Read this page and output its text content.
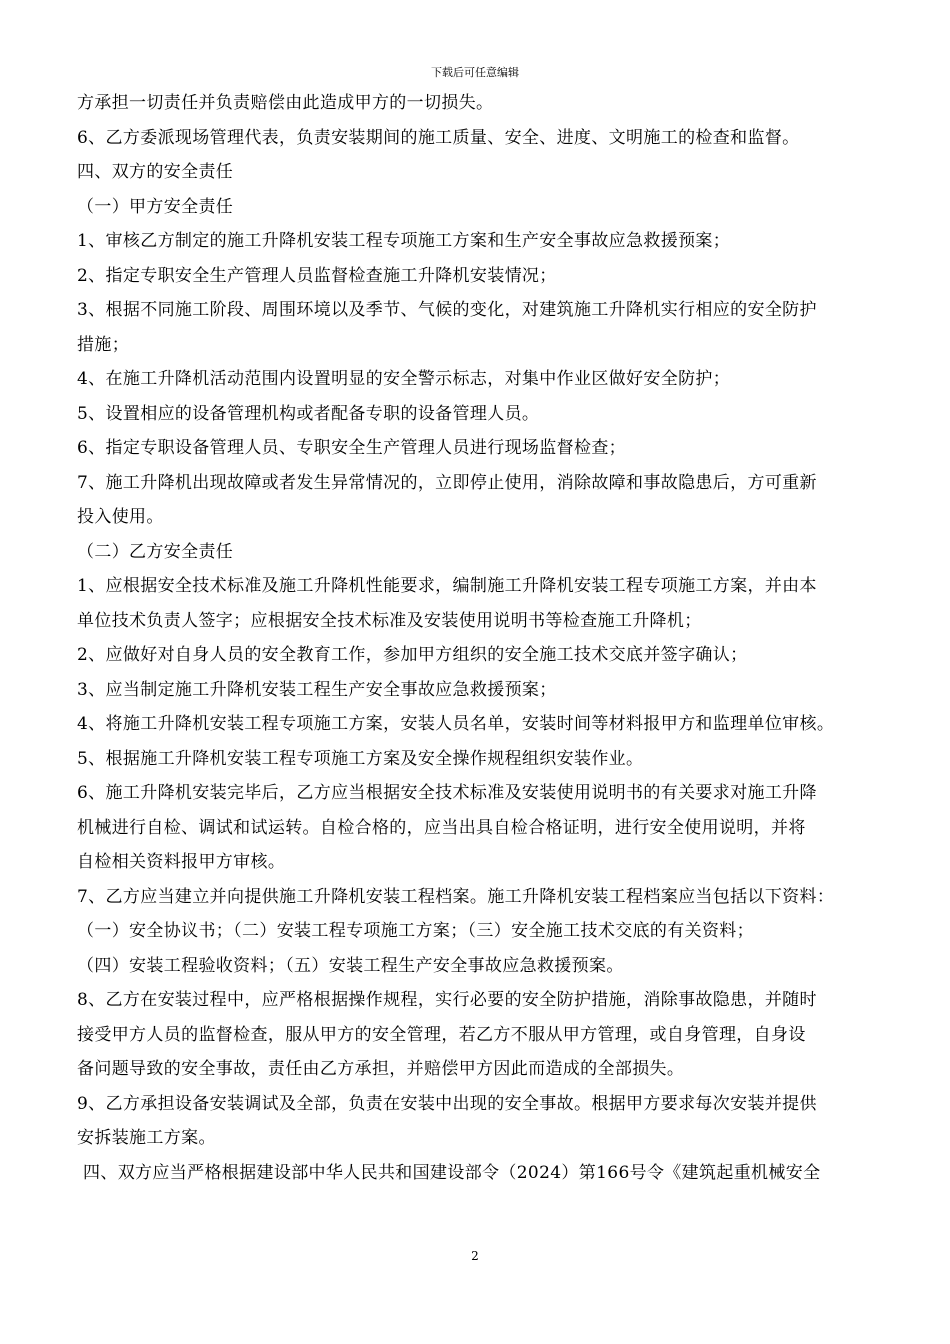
下载后可任意编辑
方承担一切责任并负责赔偿由此造成甲方的一切损失。
6、乙方委派现场管理代表，负责安装期间的施工质量、安全、进度、文明施工的检查和监督。
四、双方的安全责任
（一）甲方安全责任
1、审核乙方制定的施工升降机安装工程专项施工方案和生产安全事故应急救援预案；
2、指定专职安全生产管理人员监督检查施工升降机安装情况；
3、根据不同施工阶段、周围环境以及季节、气候的变化，对建筑施工升降机实行相应的安全防护
措施；
4、在施工升降机活动范围内设置明显的安全警示标志，对集中作业区做好安全防护；
5、设置相应的设备管理机构或者配备专职的设备管理人员。
6、指定专职设备管理人员、专职安全生产管理人员进行现场监督检查；
7、施工升降机出现故障或者发生异常情况的，立即停止使用，消除故障和事故隐患后，方可重新
投入使用。
（二）乙方安全责任
1、应根据安全技术标准及施工升降机性能要求，编制施工升降机安装工程专项施工方案，并由本
单位技术负责人签字；应根据安全技术标准及安装使用说明书等检查施工升降机；
2、应做好对自身人员的安全教育工作，参加甲方组织的安全施工技术交底并签字确认；
3、应当制定施工升降机安装工程生产安全事故应急救援预案；
4、将施工升降机安装工程专项施工方案，安装人员名单，安装时间等材料报甲方和监理单位审核。
5、根据施工升降机安装工程专项施工方案及安全操作规程组织安装作业。
6、施工升降机安装完毕后，乙方应当根据安全技术标准及安装使用说明书的有关要求对施工升降
机械进行自检、调试和试运转。自检合格的，应当出具自检合格证明，进行安全使用说明，并将
自检相关资料报甲方审核。
7、乙方应当建立并向提供施工升降机安装工程档案。施工升降机安装工程档案应当包括以下资料：
（一）安全协议书；（二）安装工程专项施工方案；（三）安全施工技术交底的有关资料；
（四）安装工程验收资料；（五）安装工程生产安全事故应急救援预案。
8、乙方在安装过程中，应严格根据操作规程，实行必要的安全防护措施，消除事故隐患，并随时
接受甲方人员的监督检查，服从甲方的安全管理，若乙方不服从甲方管理，或自身管理，自身设
备问题导致的安全事故，责任由乙方承担，并赔偿甲方因此而造成的全部损失。
9、乙方承担设备安装调试及全部，负责在安装中出现的安全事故。根据甲方要求每次安装并提供
安拆装施工方案。
四、双方应当严格根据建设部中华人民共和国建设部令（2024）第166号令《建筑起重机械安全
2
